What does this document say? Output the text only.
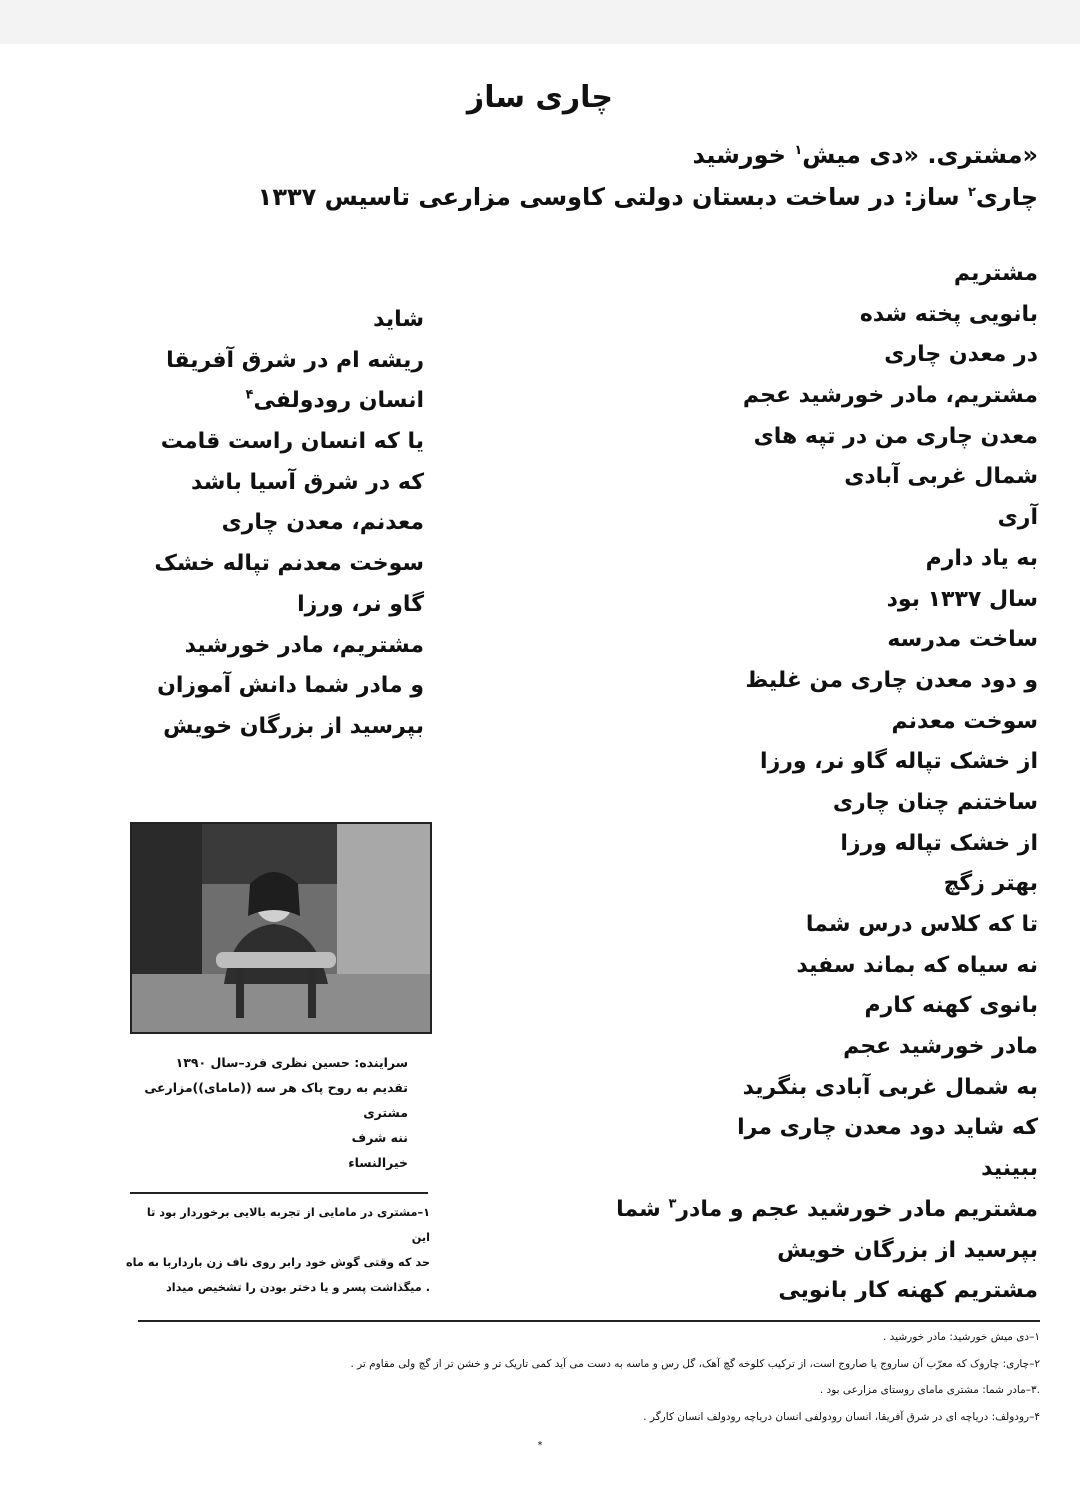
چاری ساز
«مشتری. «دی میش$^۱$ خورشید
چاری$^۲$ ساز: در ساخت دبستان دولتی کاوسی مزارعی تاسیس ۱۳۳۷
مشتریم
بانویی پخته شده
در معدن چاری
مشتریم، مادر خورشید عجم
معدن چاری من در تپه های
شمال غربی آبادی
آری
به یاد دارم
سال ۱۳۳۷ بود
ساخت مدرسه
و دود معدن چاری من غلیظ
سوخت معدنم
از خشک تپاله گاو نر، ورزا
ساختنم چنان چاری
از خشک تپاله ورزا
بهتر زگچ
تا که کلاس درس شما
نه سیاه که بماند سفید
بانوی کهنه کارم
مادر خورشید عجم
به شمال غربی آبادی بنگرید
که شاید دود معدن چاری مرا
ببینید
مشتریم مادر خورشید عجم و مادر$^۳$ شما
بپرسید از بزرگان خویش
مشتریم کهنه کار بانویی
شاید
ریشه ام در شرق آفریقا
انسان رودولفی$^۴$
یا که انسان راست قامت
که در شرق آسیا باشد
معدنم، معدن چاری
سوخت معدنم تپاله خشک
گاو نر، ورزا
مشتریم، مادر خورشید
و مادر شما دانش آموزان
بپرسید از بزرگان خویش
سراینده: حسین نظری فرد–سال ۱۳۹۰
تقدیم به روح پاک هر سه ((مامای))مزارعی
مشتری
ننه شرف
خیرالنساء
۱–مشتری در مامایی از تجربه بالایی برخوردار بود تا این
حد که وقتی گوش خود رابر روی ناف زن بارداربا به ماه
. میگذاشت پسر و یا دختر بودن را تشخیص میداد
۱–دی میش خورشید: مادر خورشید .
۲–چاری: چاروک که معرّب آن ساروج یا صاروج است، از ترکیب کلوخه گچ آهک، گل رس و ماسه به دست می آید کمی تاریک تر و خشن تر از گچ ولی مقاوم تر .
.۳–مادر شما: مشتری مامای روستای مزارعی بود .
۴–رودولف: دریاچه ای در شرق آفریقا، انسان رودولفی انسان دریاچه رودولف انسان کارگر .
*
